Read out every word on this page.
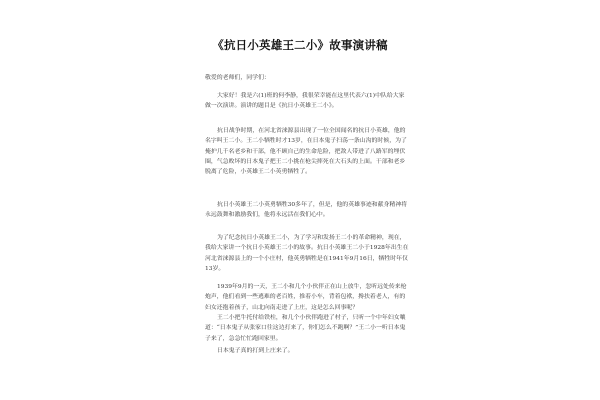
《抗日小英雄王二小》故事演讲稿

敬爱的老师们，同学们：

大家好！我是六(1)班的何李静，我很荣幸能在这里代表六(1)中队给大家做一次演讲。演讲的题目是《抗日小英雄王二小》。

抗日战争时期，在河北省涞源县出现了一位全国闻名的抗日小英雄，他的名字叫王二小。王二小牺牲时才13岁，在日本鬼子扫荡一条山沟的时候，为了掩护几千名老乡和干部，他不顾自己的生命危险，把敌人带进了八路军的埋伏圈，气急败坏的日本鬼子把王二小挑在枪尖摔死在大石头的上面。干部和老乡脱离了危险，小英雄王二小英勇牺牲了。

抗日小英雄王二小英勇牺牲30多年了，但是，他的英雄事迹和献身精神将永远鼓舞和激励我们，他将永远活在我们心中。

为了纪念抗日小英雄王二小，为了学习和发扬王二小的革命精神，现在，我给大家讲一个抗日小英雄王二小的故事。抗日小英雄王二小于1928年出生在河北省涞源县上的一个小庄村，他英勇牺牲是在1941年9月16日，牺牲时年仅13岁。

1939年9月的一天，王二小和几个小伙伴正在山上放牛，忽听远处传来枪炮声，他们看到一些逃难的老百姓，推着小车，背着包袱，搀扶着老人，有的妇女还抱着孩子，山北向南走进了上庄，这是怎么回事呢？

王二小把牛托付给铁柱，和几个小伙伴跑进了村子，只听一个中年妇女嚷道：“日本鬼子从张家口往这边打来了，你们怎么不跑啊？”王二小一听日本鬼子来了，急急忙忙跑回家里。

日本鬼子真的打到上庄来了。
